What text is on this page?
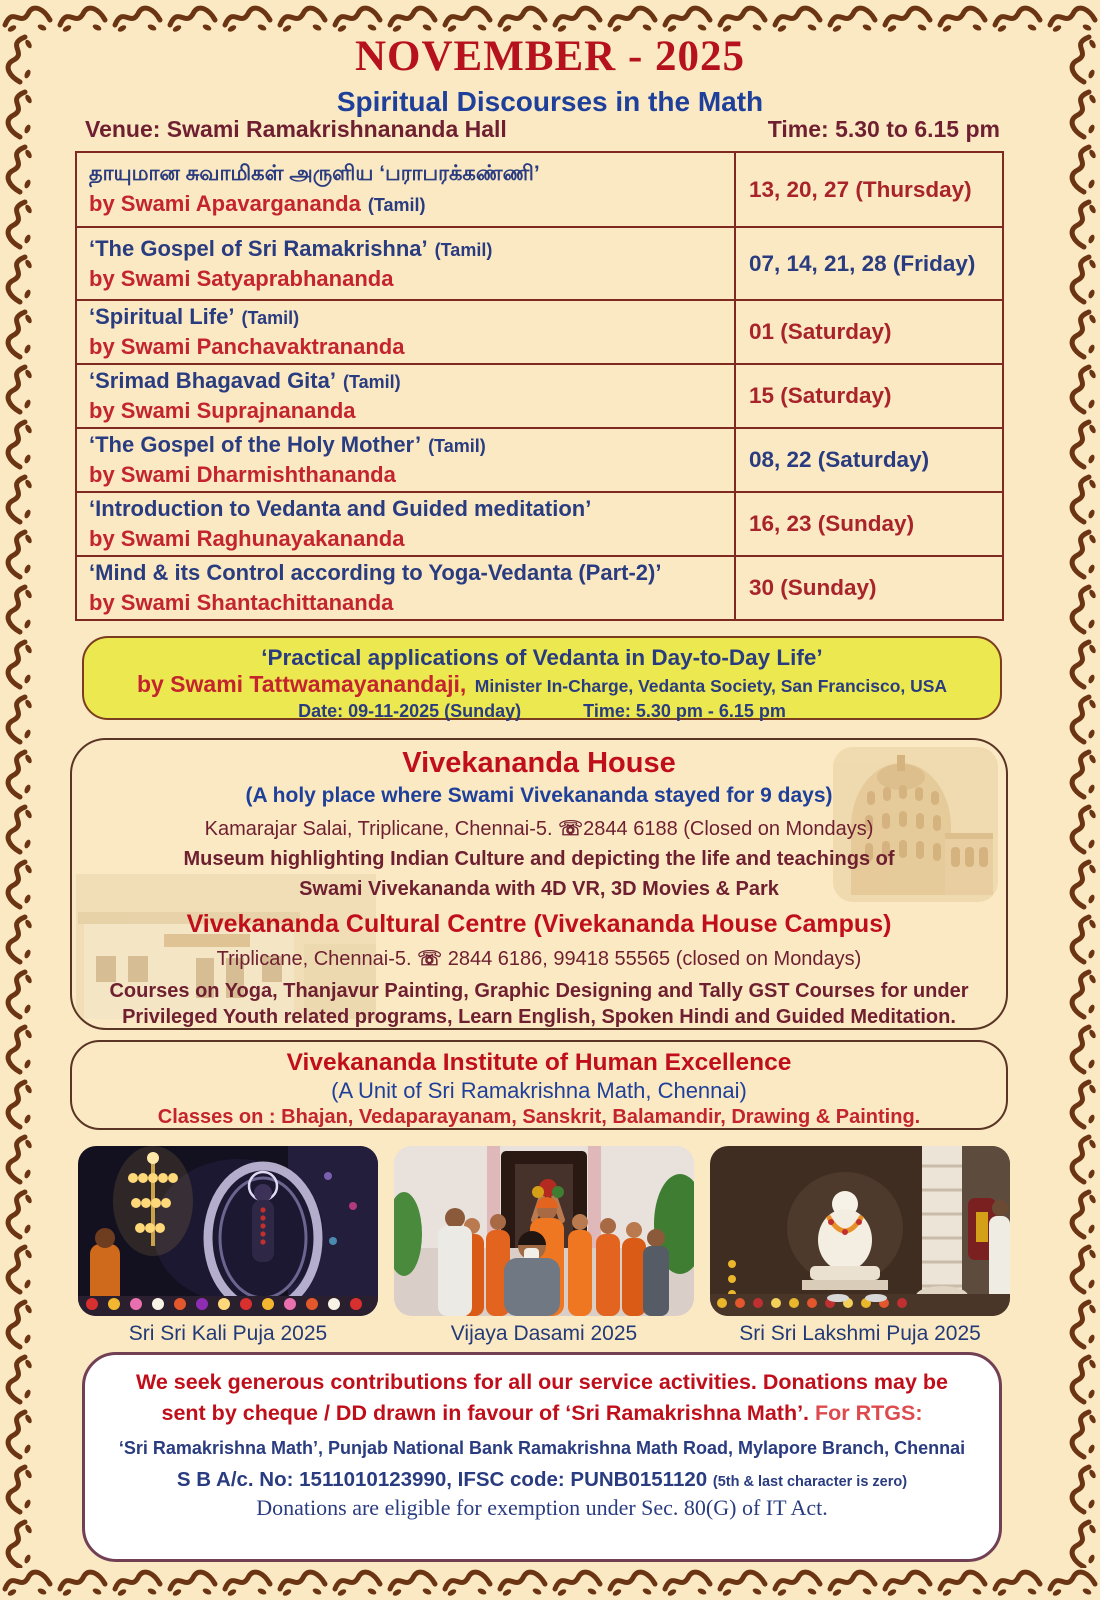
NOVEMBER - 2025
Spiritual Discourses in the Math
Venue: Swami Ramakrishnananda Hall	Time: 5.30 to 6.15 pm
தாயுமான சுவாமிகள் அருளிய ‘பராபரக்கண்ணி’
by Swami Apavargananda (Tamil)
13, 20, 27 (Thursday)
‘The Gospel of Sri Ramakrishna’ (Tamil)
by Swami Satyaprabhananda
07, 14, 21, 28 (Friday)
‘Spiritual Life’ (Tamil)
by Swami Panchavaktrananda
01 (Saturday)
‘Srimad Bhagavad Gita’ (Tamil)
by Swami Suprajnananda
15 (Saturday)
‘The Gospel of the Holy Mother’ (Tamil)
by Swami Dharmishthananda
08, 22 (Saturday)
‘Introduction to Vedanta and Guided meditation’
by Swami Raghunayakananda
16, 23 (Sunday)
‘Mind & its Control according to Yoga-Vedanta (Part-2)’
by Swami Shantachittananda
30 (Sunday)
‘Practical applications of Vedanta in Day-to-Day Life’
by Swami Tattwamayanandaji, Minister In-Charge, Vedanta Society, San Francisco, USA
Date: 09-11-2025 (Sunday)	Time: 5.30 pm - 6.15 pm
Vivekananda House
(A holy place where Swami Vivekananda stayed for 9 days)
Kamarajar Salai, Triplicane, Chennai-5. ☏2844 6188 (Closed on Mondays)
Museum highlighting Indian Culture and depicting the life and teachings of
Swami Vivekananda with 4D VR, 3D Movies & Park
Vivekananda Cultural Centre (Vivekananda House Campus)
Triplicane, Chennai-5. ☏ 2844 6186, 99418 55565 (closed on Mondays)
Courses on Yoga, Thanjavur Painting, Graphic Designing and Tally GST Courses for under
Privileged Youth related programs, Learn English, Spoken Hindi and Guided Meditation.
Vivekananda Institute of Human Excellence
(A Unit of Sri Ramakrishna Math, Chennai)
Classes on : Bhajan, Vedaparayanam, Sanskrit, Balamandir, Drawing & Painting.
Sri Sri Kali Puja 2025	Vijaya Dasami 2025	Sri Sri Lakshmi Puja 2025
We seek generous contributions for all our service activities. Donations may be
sent by cheque / DD drawn in favour of ‘Sri Ramakrishna Math’. For RTGS:
‘Sri Ramakrishna Math’, Punjab National Bank Ramakrishna Math Road, Mylapore Branch, Chennai
S B A/c. No: 1511010123990, IFSC code: PUNB0151120 (5th & last character is zero)
Donations are eligible for exemption under Sec. 80(G) of IT Act.
